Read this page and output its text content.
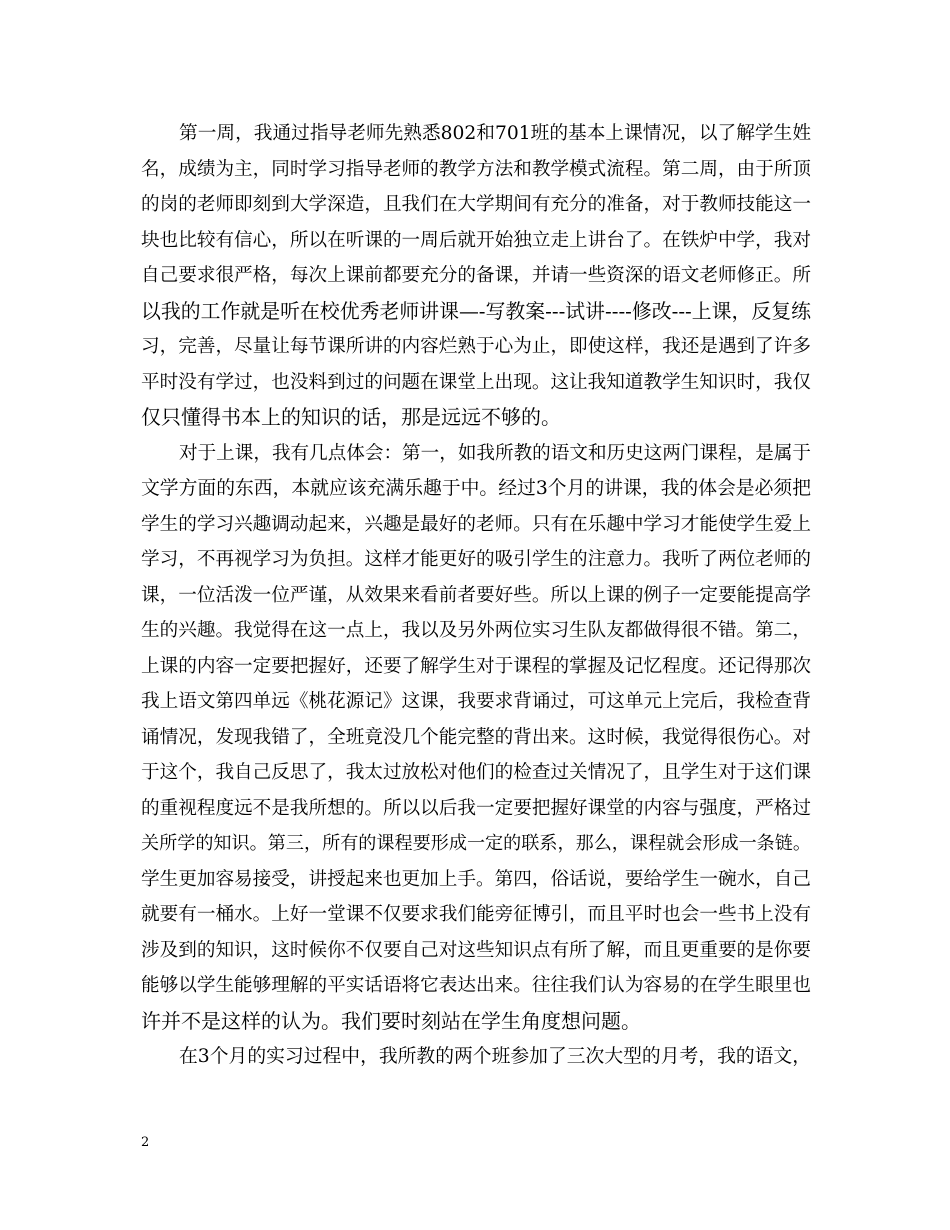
第一周，我通过指导老师先熟悉802和701班的基本上课情况，以了解学生姓
名，成绩为主，同时学习指导老师的教学方法和教学模式流程。第二周，由于所顶
的岗的老师即刻到大学深造，且我们在大学期间有充分的准备，对于教师技能这一
块也比较有信心，所以在听课的一周后就开始独立走上讲台了。在铁炉中学，我对
自己要求很严格，每次上课前都要充分的备课，并请一些资深的语文老师修正。所
以我的工作就是听在校优秀老师讲课—-写教案---试讲----修改---上课，反复练
习，完善，尽量让每节课所讲的内容烂熟于心为止，即使这样，我还是遇到了许多
平时没有学过，也没料到过的问题在课堂上出现。这让我知道教学生知识时，我仅
仅只懂得书本上的知识的话，那是远远不够的。
对于上课，我有几点体会：第一，如我所教的语文和历史这两门课程，是属于
文学方面的东西，本就应该充满乐趣于中。经过3个月的讲课，我的体会是必须把
学生的学习兴趣调动起来，兴趣是最好的老师。只有在乐趣中学习才能使学生爱上
学习，不再视学习为负担。这样才能更好的吸引学生的注意力。我听了两位老师的
课，一位活泼一位严谨，从效果来看前者要好些。所以上课的例子一定要能提高学
生的兴趣。我觉得在这一点上，我以及另外两位实习生队友都做得很不错。第二，
上课的内容一定要把握好，还要了解学生对于课程的掌握及记忆程度。还记得那次
我上语文第四单远《桃花源记》这课，我要求背诵过，可这单元上完后，我检查背
诵情况，发现我错了，全班竟没几个能完整的背出来。这时候，我觉得很伤心。对
于这个，我自己反思了，我太过放松对他们的检查过关情况了，且学生对于这们课
的重视程度远不是我所想的。所以以后我一定要把握好课堂的内容与强度，严格过
关所学的知识。第三，所有的课程要形成一定的联系，那么，课程就会形成一条链。
学生更加容易接受，讲授起来也更加上手。第四，俗话说，要给学生一碗水，自己
就要有一桶水。上好一堂课不仅要求我们能旁征博引，而且平时也会一些书上没有
涉及到的知识，这时候你不仅要自己对这些知识点有所了解，而且更重要的是你要
能够以学生能够理解的平实话语将它表达出来。往往我们认为容易的在学生眼里也
许并不是这样的认为。我们要时刻站在学生角度想问题。
在3个月的实习过程中，我所教的两个班参加了三次大型的月考，我的语文，
2
